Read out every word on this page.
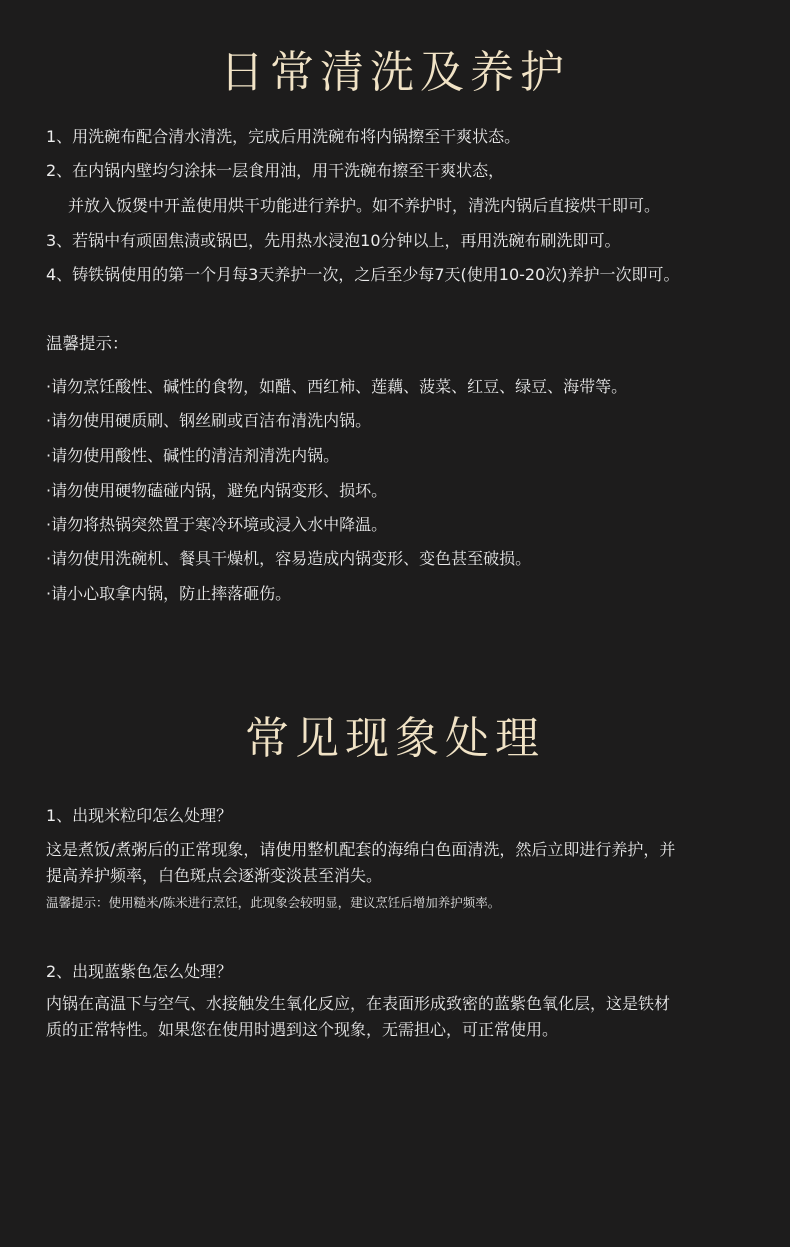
日常清洗及养护
1、用洗碗布配合清水清洗，完成后用洗碗布将内锅擦至干爽状态。
2、在内锅内壁均匀涂抹一层食用油，用干洗碗布擦至干爽状态，
并放入饭煲中开盖使用烘干功能进行养护。如不养护时，清洗内锅后直接烘干即可。
3、若锅中有顽固焦渍或锅巴，先用热水浸泡10分钟以上，再用洗碗布刷洗即可。
4、铸铁锅使用的第一个月每3天养护一次，之后至少每7天(使用10-20次)养护一次即可。
温馨提示：
·请勿烹饪酸性、碱性的食物，如醋、西红柿、莲藕、菠菜、红豆、绿豆、海带等。
·请勿使用硬质刷、钢丝刷或百洁布清洗内锅。
·请勿使用酸性、碱性的清洁剂清洗内锅。
·请勿使用硬物磕碰内锅，避免内锅变形、损坏。
·请勿将热锅突然置于寒冷环境或浸入水中降温。
·请勿使用洗碗机、餐具干燥机，容易造成内锅变形、变色甚至破损。
·请小心取拿内锅，防止摔落砸伤。
常见现象处理
1、出现米粒印怎么处理？
这是煮饭/煮粥后的正常现象，请使用整机配套的海绵白色面清洗，然后立即进行养护，并
提高养护频率，白色斑点会逐渐变淡甚至消失。
温馨提示：使用糙米/陈米进行烹饪，此现象会较明显，建议烹饪后增加养护频率。
2、出现蓝紫色怎么处理？
内锅在高温下与空气、水接触发生氧化反应，在表面形成致密的蓝紫色氧化层，这是铁材
质的正常特性。如果您在使用时遇到这个现象，无需担心，可正常使用。
